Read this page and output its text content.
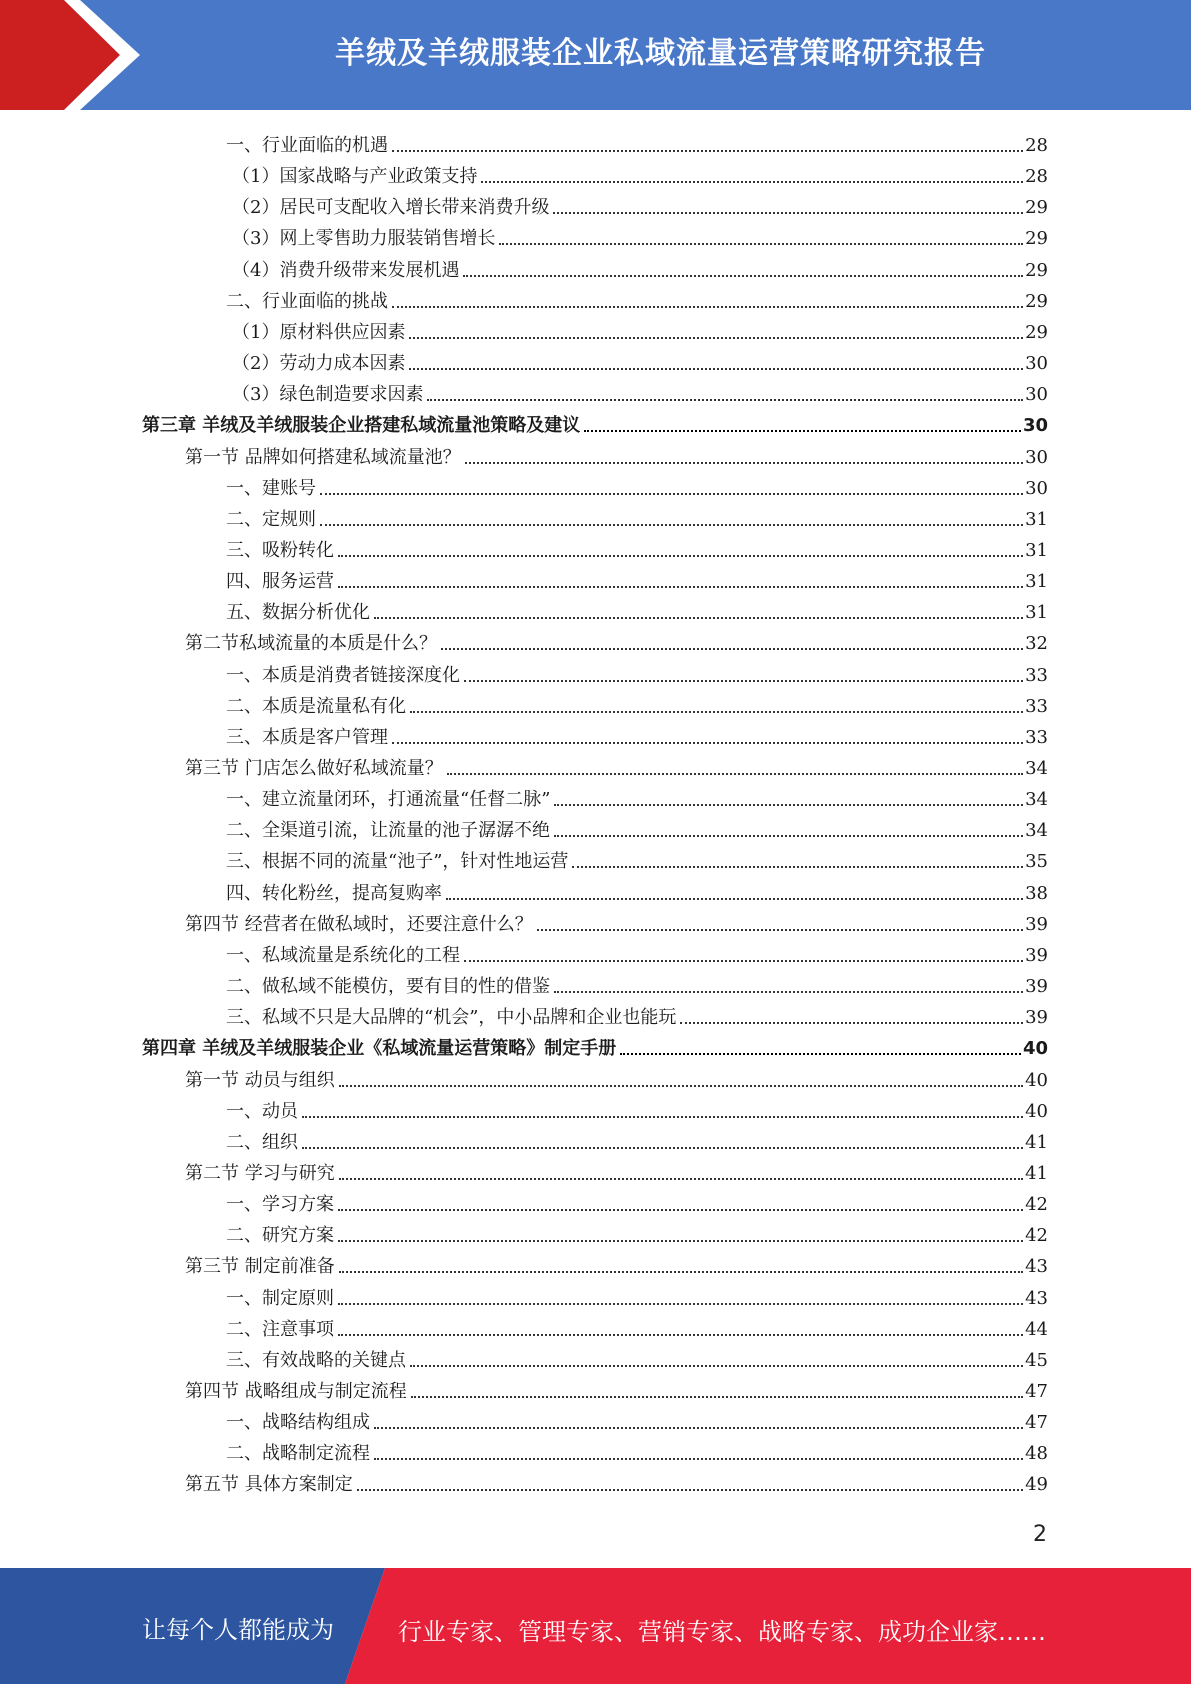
羊绒及羊绒服装企业私域流量运营策略研究报告
一、行业面临的机遇	28
（1）国家战略与产业政策支持	28
（2）居民可支配收入增长带来消费升级	29
（3）网上零售助力服装销售增长	29
（4）消费升级带来发展机遇	29
二、行业面临的挑战	29
（1）原材料供应因素	29
（2）劳动力成本因素	30
（3）绿色制造要求因素	30
第三章 羊绒及羊绒服装企业搭建私域流量池策略及建议	30
第一节 品牌如何搭建私域流量池？	30
一、建账号	30
二、定规则	31
三、吸粉转化	31
四、服务运营	31
五、数据分析优化	31
第二节私域流量的本质是什么？	32
一、本质是消费者链接深度化	33
二、本质是流量私有化	33
三、本质是客户管理	33
第三节 门店怎么做好私域流量？	34
一、建立流量闭环，打通流量“任督二脉”	34
二、全渠道引流，让流量的池子潺潺不绝	34
三、根据不同的流量“池子”，针对性地运营	35
四、转化粉丝，提高复购率	38
第四节 经营者在做私域时，还要注意什么？	39
一、私域流量是系统化的工程	39
二、做私域不能模仿，要有目的性的借鉴	39
三、私域不只是大品牌的“机会”，中小品牌和企业也能玩	39
第四章 羊绒及羊绒服装企业《私域流量运营策略》制定手册	40
第一节 动员与组织	40
一、动员	40
二、组织	41
第二节 学习与研究	41
一、学习方案	42
二、研究方案	42
第三节 制定前准备	43
一、制定原则	43
二、注意事项	44
三、有效战略的关键点	45
第四节 战略组成与制定流程	47
一、战略结构组成	47
二、战略制定流程	48
第五节 具体方案制定	49
2
让每个人都能成为	行业专家、管理专家、营销专家、战略专家、成功企业家……
